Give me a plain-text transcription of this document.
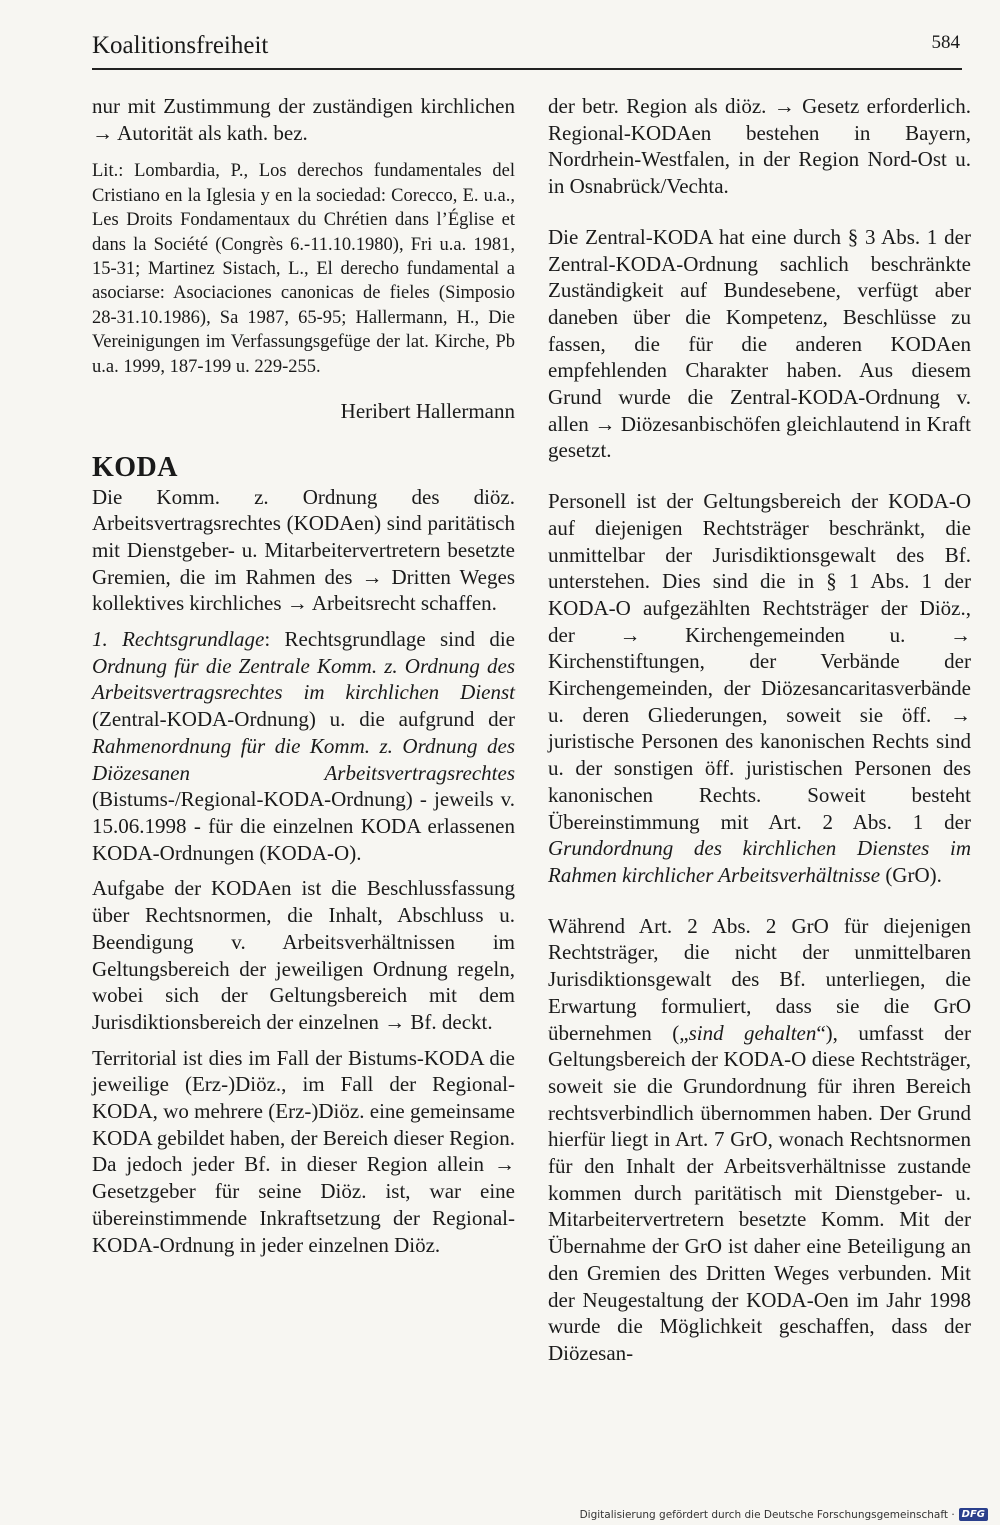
Koalitionsfreiheit	584

nur mit Zustimmung der zuständigen kirchlichen → Autorität als kath. bez.

Lit.: Lombardia, P., Los derechos fundamentales del Cristiano en la Iglesia y en la sociedad: Corecco, E. u.a., Les Droits Fondamentaux du Chrétien dans l’Église et dans la Société (Congrès 6.-11.10.1980), Fri u.a. 1981, 15-31; Martinez Sistach, L., El derecho fundamental a asociarse: Asociaciones canonicas de fieles (Simposio 28-31.10.1986), Sa 1987, 65-95; Hallermann, H., Die Vereinigungen im Verfassungsgefüge der lat. Kirche, Pb u.a. 1999, 187-199 u. 229-255.

Heribert Hallermann

KODA

Die Komm. z. Ordnung des diöz. Arbeitsvertragsrechtes (KODAen) sind paritätisch mit Dienstgeber- u. Mitarbeitervertretern besetzte Gremien, die im Rahmen des → Dritten Weges kollektives kirchliches → Arbeitsrecht schaffen.

1. Rechtsgrundlage: Rechtsgrundlage sind die Ordnung für die Zentrale Komm. z. Ordnung des Arbeitsvertragsrechtes im kirchlichen Dienst (Zentral-KODA-Ordnung) u. die aufgrund der Rahmenordnung für die Komm. z. Ordnung des Diözesanen Arbeitsvertragsrechtes (Bistums-/Regional-KODA-Ordnung) - jeweils v. 15.06.1998 - für die einzelnen KODA erlassenen KODA-Ordnungen (KODA-O).

Aufgabe der KODAen ist die Beschlussfassung über Rechtsnormen, die Inhalt, Abschluss u. Beendigung v. Arbeitsverhältnissen im Geltungsbereich der jeweiligen Ordnung regeln, wobei sich der Geltungsbereich mit dem Jurisdiktionsbereich der einzelnen → Bf. deckt.

Territorial ist dies im Fall der Bistums-KODA die jeweilige (Erz-)Diöz., im Fall der Regional-KODA, wo mehrere (Erz-)Diöz. eine gemeinsame KODA gebildet haben, der Bereich dieser Region. Da jedoch jeder Bf. in dieser Region allein → Gesetzgeber für seine Diöz. ist, war eine übereinstimmende Inkraftsetzung der Regional-KODA-Ordnung in jeder einzelnen Diöz.

der betr. Region als diöz. → Gesetz erforderlich. Regional-KODAen bestehen in Bayern, Nordrhein-Westfalen, in der Region Nord-Ost u. in Osnabrück/Vechta.

Die Zentral-KODA hat eine durch § 3 Abs. 1 der Zentral-KODA-Ordnung sachlich beschränkte Zuständigkeit auf Bundesebene, verfügt aber daneben über die Kompetenz, Beschlüsse zu fassen, die für die anderen KODAen empfehlenden Charakter haben. Aus diesem Grund wurde die Zentral-KODA-Ordnung v. allen → Diözesanbischöfen gleichlautend in Kraft gesetzt.

Personell ist der Geltungsbereich der KODA-O auf diejenigen Rechtsträger beschränkt, die unmittelbar der Jurisdiktionsgewalt des Bf. unterstehen. Dies sind die in § 1 Abs. 1 der KODA-O aufgezählten Rechtsträger der Diöz., der → Kirchengemeinden u. → Kirchenstiftungen, der Verbände der Kirchengemeinden, der Diözesancaritasverbände u. deren Gliederungen, soweit sie öff. → juristische Personen des kanonischen Rechts sind u. der sonstigen öff. juristischen Personen des kanonischen Rechts. Soweit besteht Übereinstimmung mit Art. 2 Abs. 1 der Grundordnung des kirchlichen Dienstes im Rahmen kirchlicher Arbeitsverhältnisse (GrO).

Während Art. 2 Abs. 2 GrO für diejenigen Rechtsträger, die nicht der unmittelbaren Jurisdiktionsgewalt des Bf. unterliegen, die Erwartung formuliert, dass sie die GrO übernehmen („sind gehalten“), umfasst der Geltungsbereich der KODA-O diese Rechtsträger, soweit sie die Grundordnung für ihren Bereich rechtsverbindlich übernommen haben. Der Grund hierfür liegt in Art. 7 GrO, wonach Rechtsnormen für den Inhalt der Arbeitsverhältnisse zustande kommen durch paritätisch mit Dienstgeber- u. Mitarbeitervertretern besetzte Komm. Mit der Übernahme der GrO ist daher eine Beteiligung an den Gremien des Dritten Weges verbunden. Mit der Neugestaltung der KODA-Oen im Jahr 1998 wurde die Möglichkeit geschaffen, dass der Diözesan-

Digitalisierung gefördert durch die Deutsche Forschungsgemeinschaft · DFG
